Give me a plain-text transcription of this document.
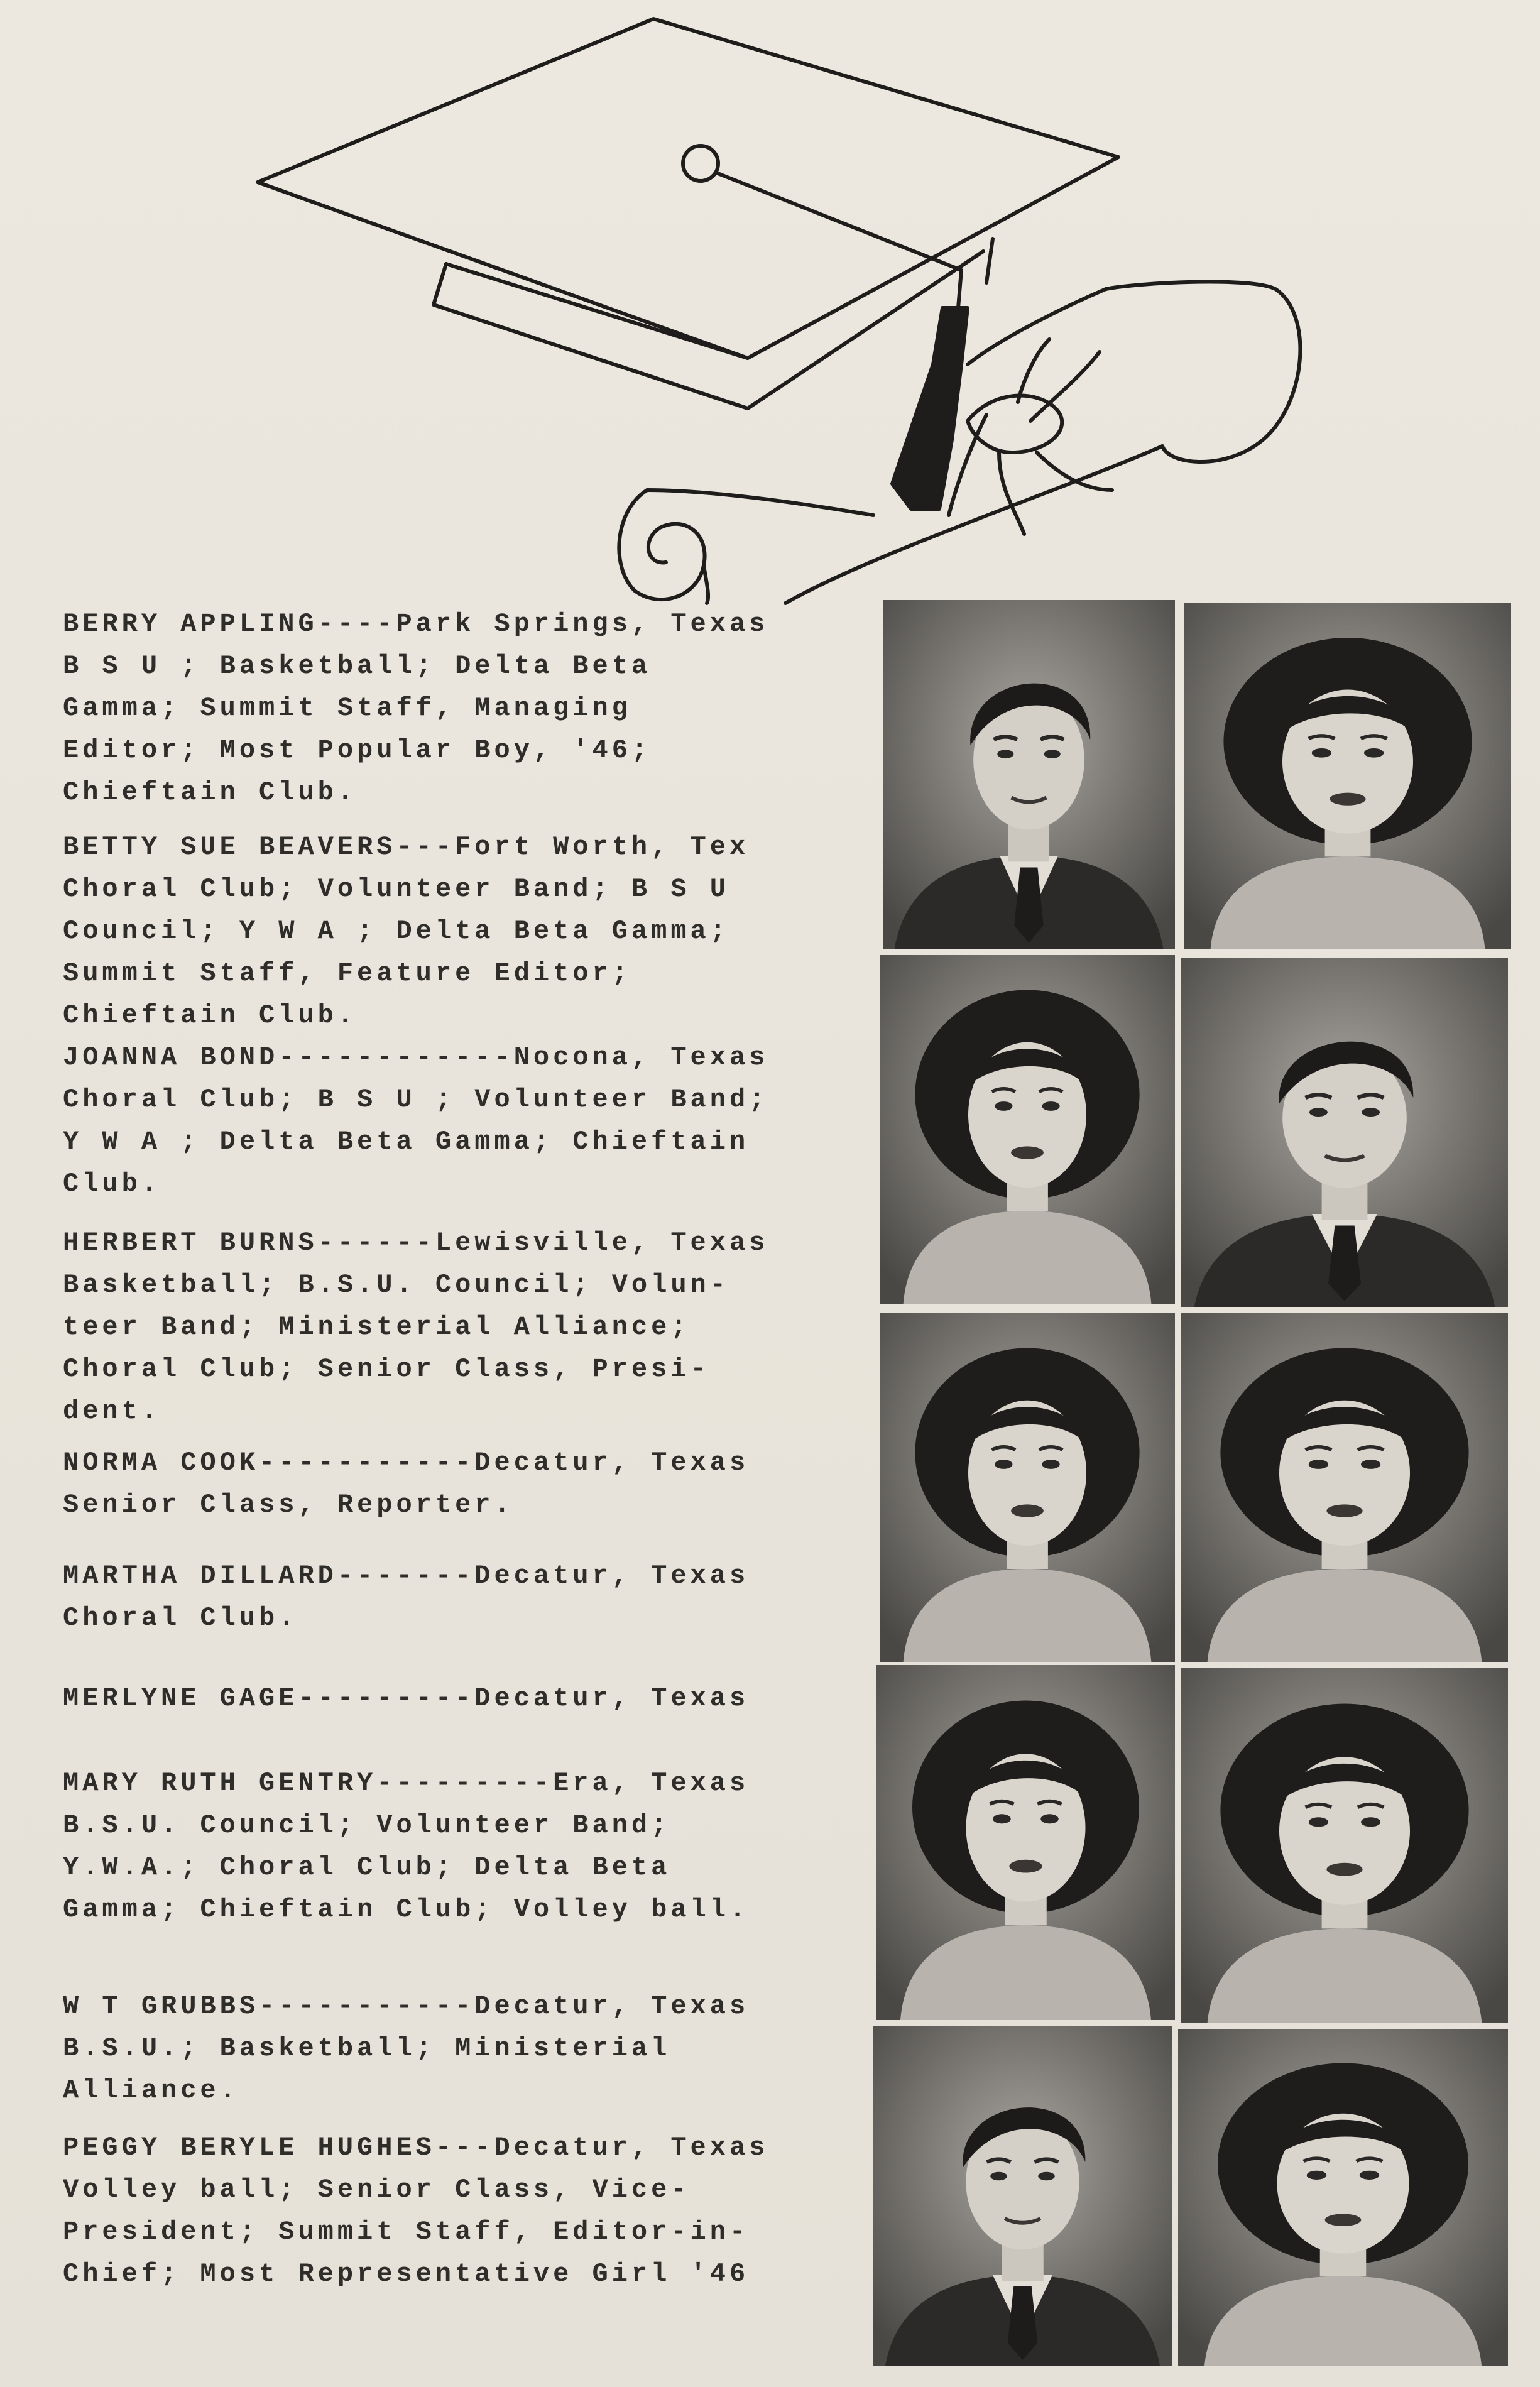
BERRY APPLING----Park Springs, Texas
B S U ; Basketball; Delta Beta
Gamma; Summit Staff, Managing
Editor; Most Popular Boy, '46;
Chieftain Club.
BETTY SUE BEAVERS---Fort Worth, Tex
Choral Club; Volunteer Band; B S U
Council; Y W A ; Delta Beta Gamma;
Summit Staff, Feature Editor;
Chieftain Club.
JOANNA BOND------------Nocona, Texas
Choral Club; B S U ; Volunteer Band;
Y W A ; Delta Beta Gamma; Chieftain
Club.
HERBERT BURNS------Lewisville, Texas
Basketball; B.S.U. Council; Volun-
teer Band; Ministerial Alliance;
Choral Club; Senior Class, Presi-
dent.
NORMA COOK-----------Decatur, Texas
Senior Class, Reporter.
MARTHA DILLARD-------Decatur, Texas
Choral Club.
MERLYNE GAGE---------Decatur, Texas
MARY RUTH GENTRY---------Era, Texas
B.S.U. Council; Volunteer Band;
Y.W.A.; Choral Club; Delta Beta
Gamma; Chieftain Club; Volley ball.
W T GRUBBS-----------Decatur, Texas
B.S.U.; Basketball; Ministerial
Alliance.
PEGGY BERYLE HUGHES---Decatur, Texas
Volley ball; Senior Class, Vice-
President; Summit Staff, Editor-in-
Chief; Most Representative Girl '46
